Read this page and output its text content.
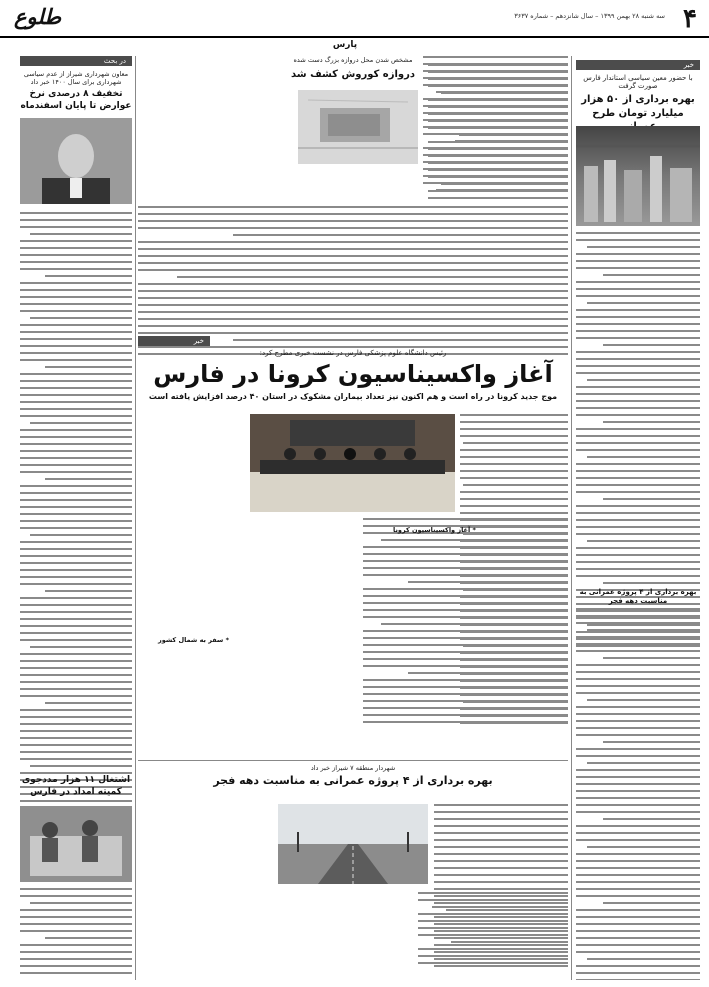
۴
سه شنبه ۲۸ بهمن ۱۳۹۹ – سال شانزدهم – شماره ۳۶۳۷
طلوع
پارس
خبر
با حضور معین سیاسی استاندار فارس صورت گرفت
بهره برداری از ۵۰ هزار میلیارد تومان طرح
بهره برداری از ۴ پروژه عمرانی به مناسبت دهه فجر
مشخص شدن محل دروازه بزرگ دست شده
دروازه کوروش کشف شد
خبر
رئیس دانشگاه علوم پزشکی فارس در نشست خبری مطرح کرد:
آغاز واکسیناسیون کرونا در فارس
موج جدید کرونا در راه است و هم اکنون نیز تعداد بیماران مشکوک در استان ۴۰ درصد افزایش یافته است
* آغاز واکسیناسیون کرونا
* سفر به شمال کشور
در بحث
معاون شهرداری شیراز از عدم سیاسی شهرداری برای سال ۱۴۰۰ خبر داد
تخفیف ۸ درصدی نرخ عوارض تا پایان اسفندماه
اشتغال ۱۱ هزار مددجوی کمیته امداد در فارس
شهردار منطقه ۷ شیراز خبر داد
بهره برداری از ۴ پروژه عمرانی به مناسبت دهه فجر
